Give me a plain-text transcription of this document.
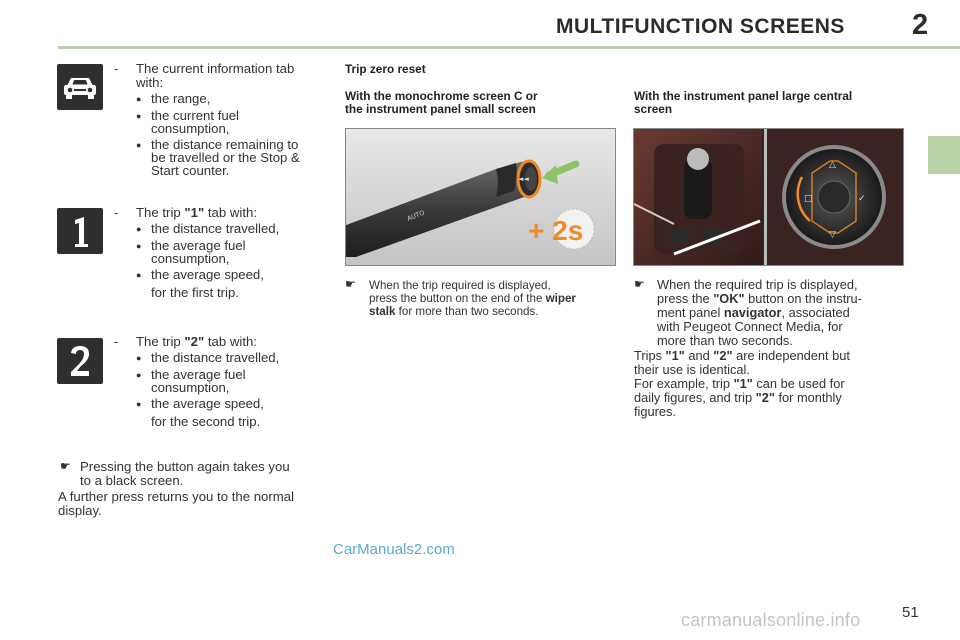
MULTIFUNCTION SCREENS 2
- The current information tab
with:
● the range,
● the current fuel
consumption,
● the distance remaining to
be travelled or the Stop &
Start counter.
- The trip "1" tab with:
● the distance travelled,
● the average fuel
consumption,
● the average speed,
for the first trip.
- The trip "2" tab with:
● the distance travelled,
● the average fuel
consumption,
● the average speed,
for the second trip.
☛ Pressing the button again takes you
to a black screen.
A further press returns you to the normal
display.
Trip zero reset
With the monochrome screen C or
the instrument panel small screen
◄◄
+ 2s
AUTO
☛ When the trip required is displayed,
press the button on the end of the wiper
stalk for more than two seconds.
With the instrument panel large central
screen
△
▽
□	✓
☛ When the required trip is displayed,
press the "OK" button on the instru-
ment panel navigator, associated
with Peugeot Connect Media, for
more than two seconds.
Trips "1" and "2" are independent but
their use is identical.
For example, trip "1" can be used for
daily figures, and trip "2" for monthly
figures.
CarManuals2.com
51
carmanualsonline.info
